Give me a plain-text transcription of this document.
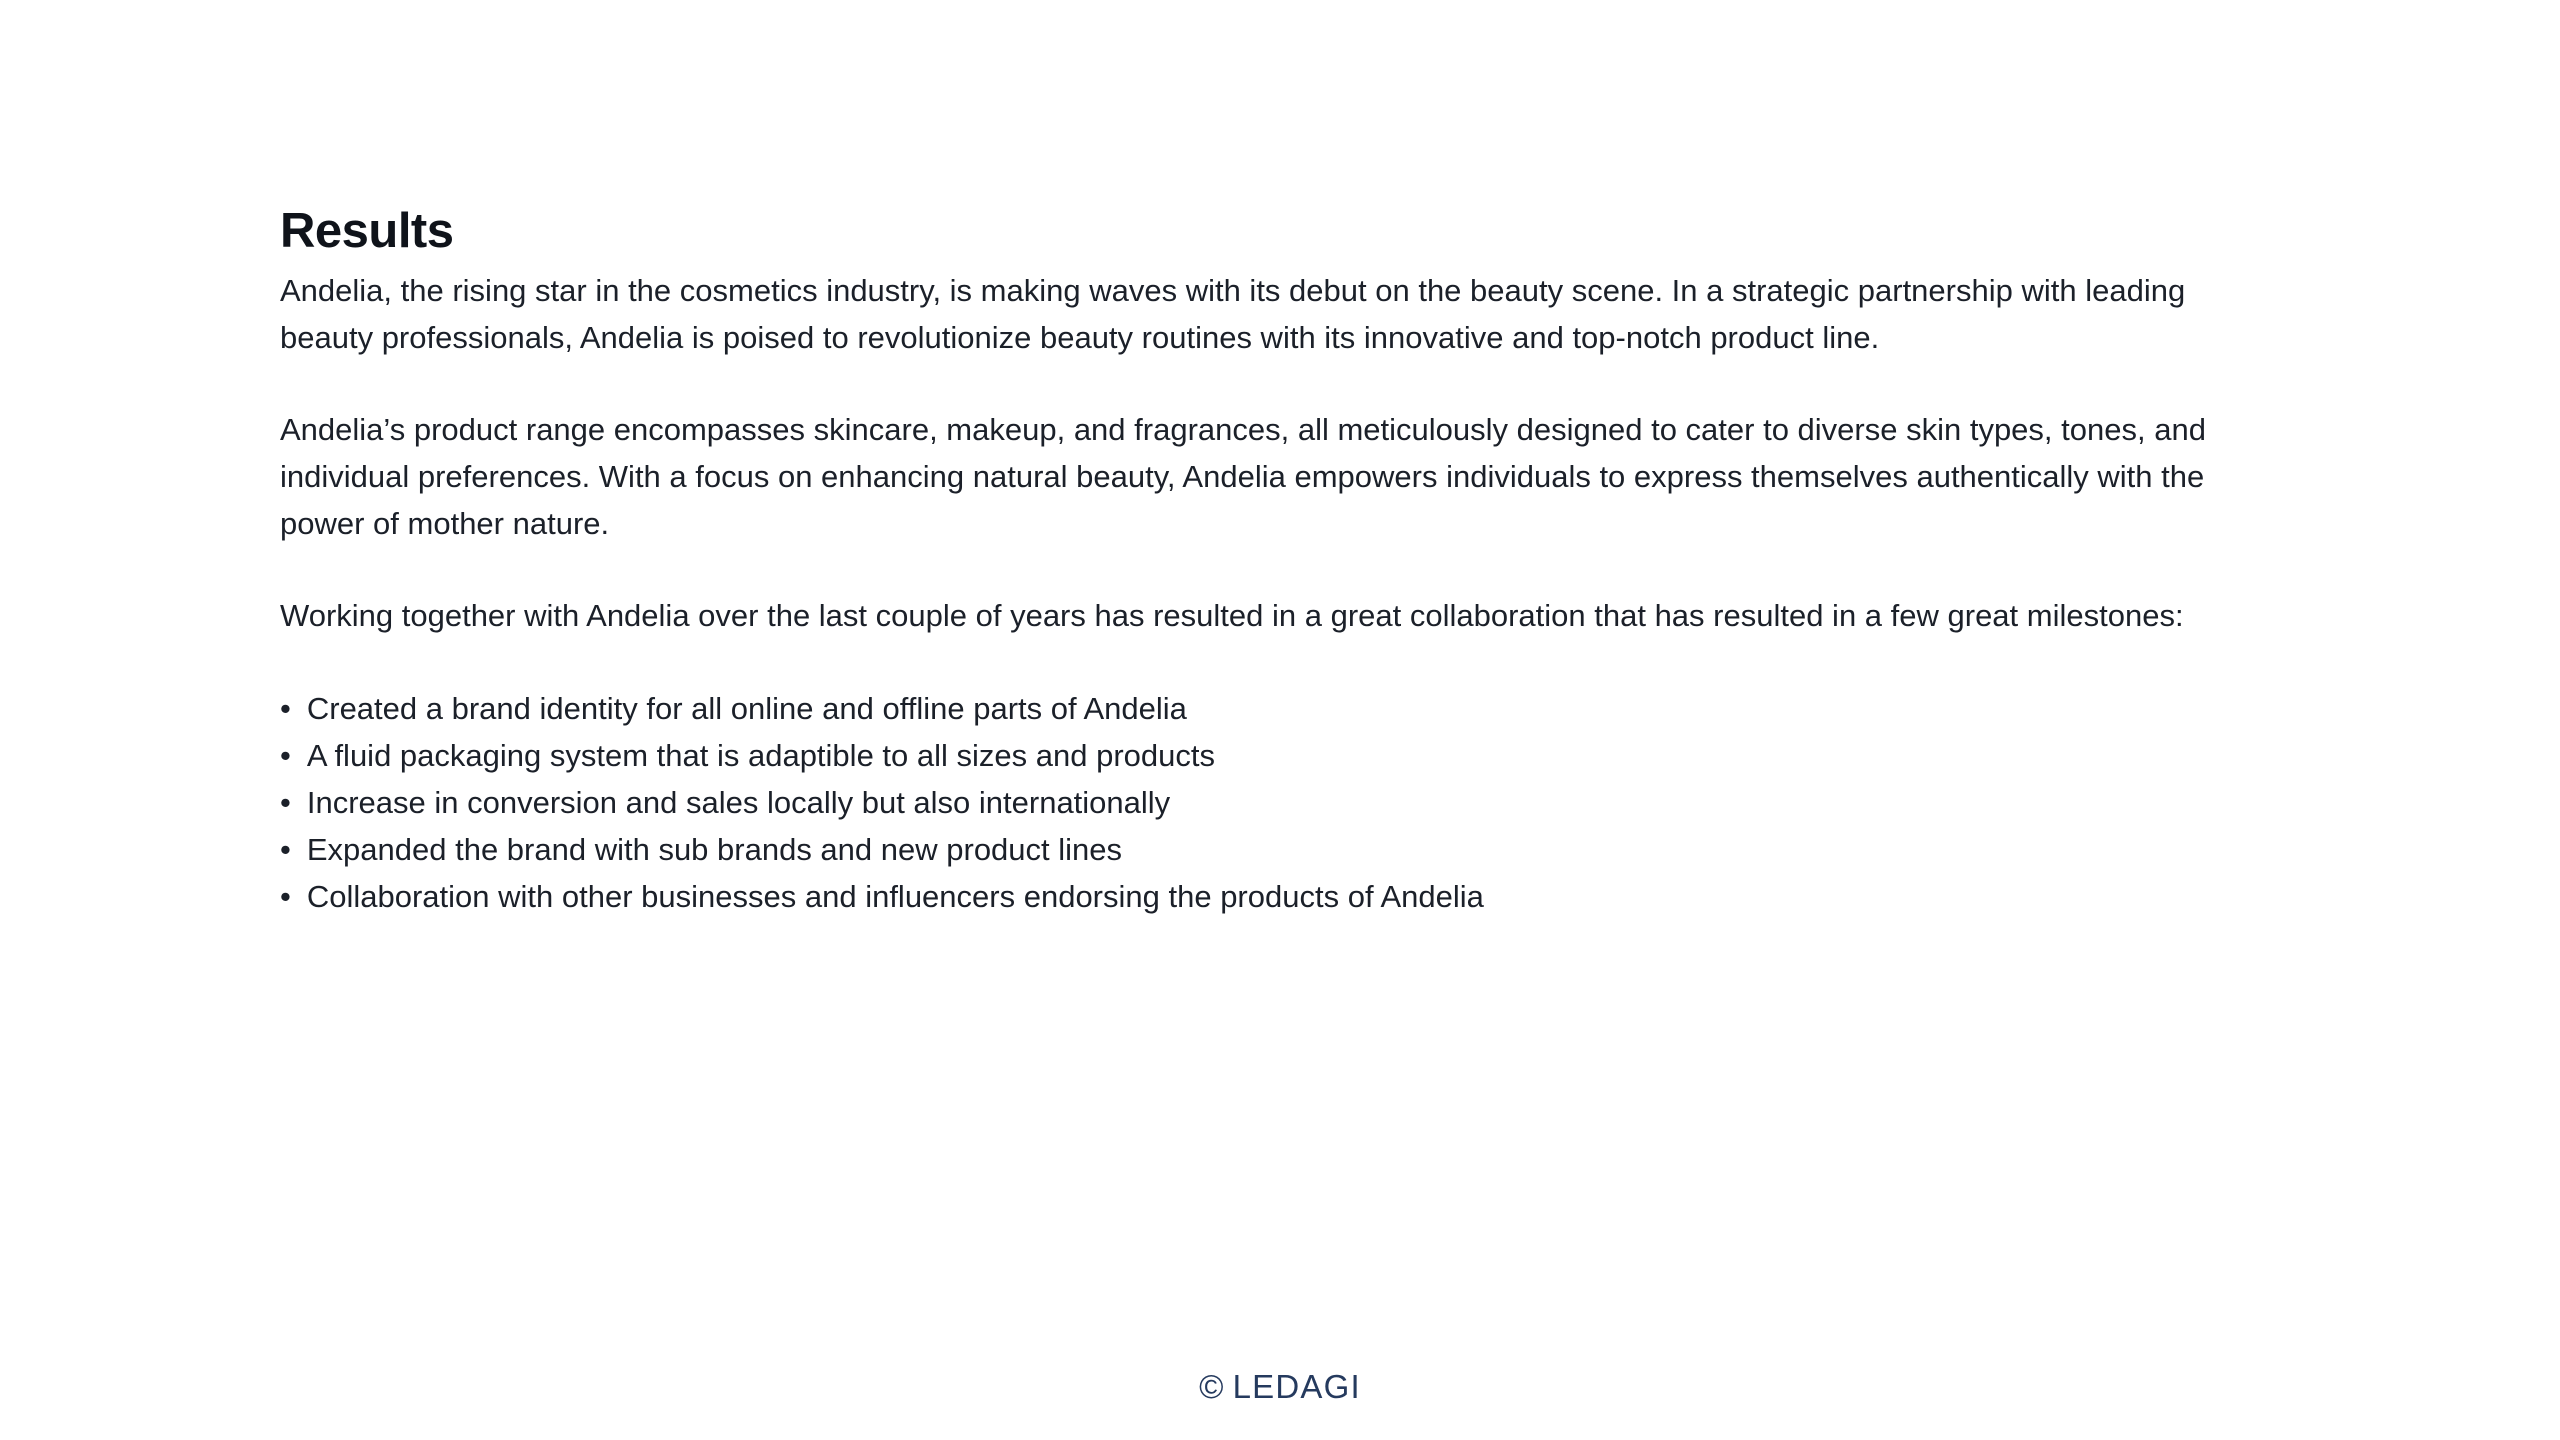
Results

Andelia, the rising star in the cosmetics industry, is making waves with its debut on the beauty scene. In a strategic partnership with leading beauty professionals, Andelia is poised to revolutionize beauty routines with its innovative and top-notch product line.

Andelia’s product range encompasses skincare, makeup, and fragrances, all meticulously designed to cater to diverse skin types, tones, and individual preferences. With a focus on enhancing natural beauty, Andelia empowers individuals to express themselves authentically with the power of mother nature.

Working together with Andelia over the last couple of years has resulted in a great collaboration that has resulted in a few great milestones:

• Created a brand identity for all online and offline parts of Andelia
• A fluid packaging system that is adaptible to all sizes and products
• Increase in conversion and sales locally but also internationally
• Expanded the brand with sub brands and new product lines
• Collaboration with other businesses and influencers endorsing the products of Andelia
© LEDAGI
